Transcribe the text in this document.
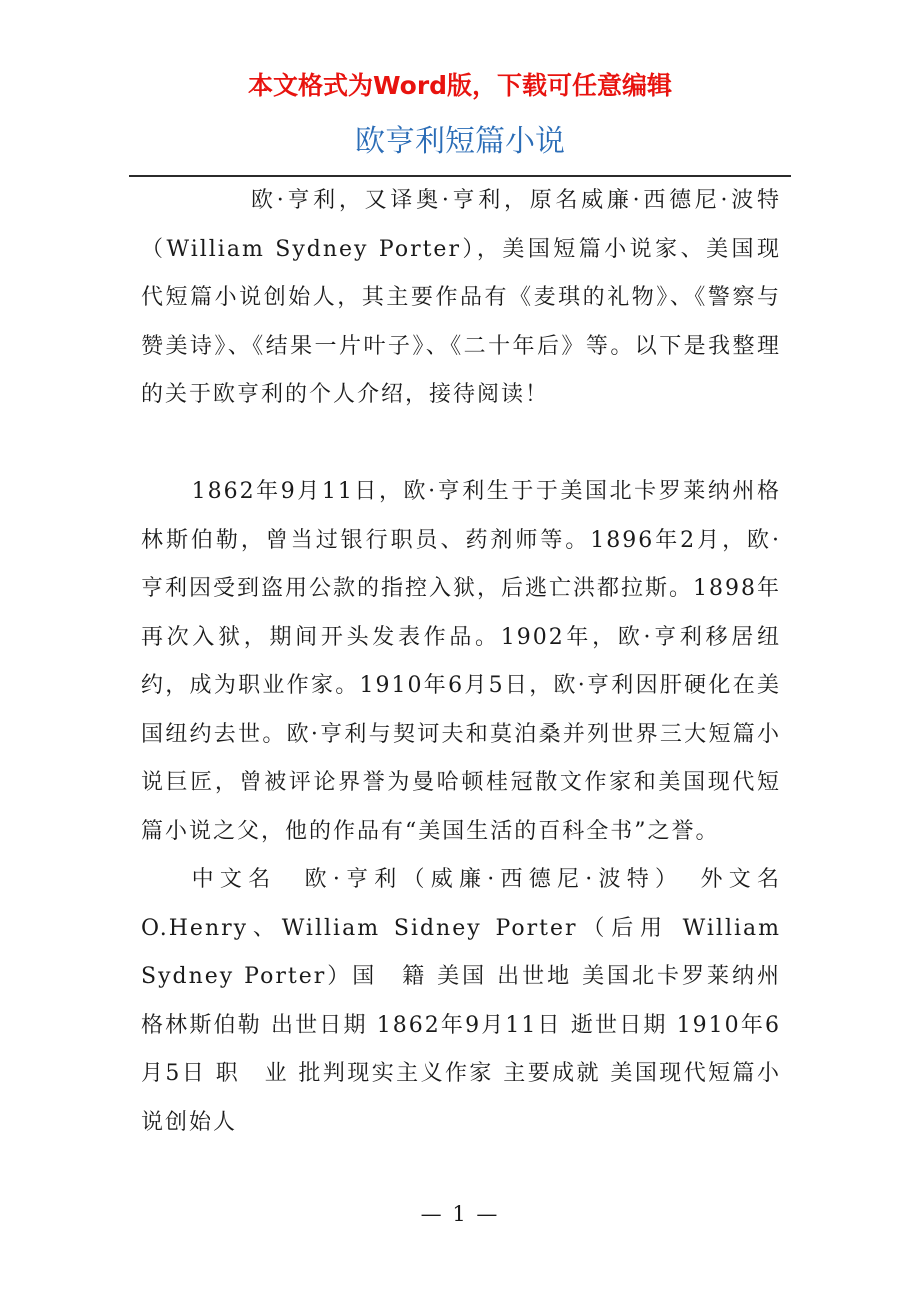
本文格式为Word版，下载可任意编辑
欧亨利短篇小说

欧·亨利，又译奥·亨利，原名威廉·西德尼·波特（William Sydney Porter），美国短篇小说家、美国现代短篇小说创始人，其主要作品有《麦琪的礼物》、《警察与赞美诗》、《结果一片叶子》、《二十年后》等。以下是我整理的关于欧亨利的个人介绍，接待阅读！

1862年9月11日，欧·亨利生于于美国北卡罗莱纳州格林斯伯勒，曾当过银行职员、药剂师等。1896年2月，欧·亨利因受到盗用公款的指控入狱，后逃亡洪都拉斯。1898年再次入狱，期间开头发表作品。1902年，欧·亨利移居纽约，成为职业作家。1910年6月5日，欧·亨利因肝硬化在美国纽约去世。欧·亨利与契诃夫和莫泊桑并列世界三大短篇小说巨匠，曾被评论界誉为曼哈顿桂冠散文作家和美国现代短篇小说之父，他的作品有“美国生活的百科全书”之誉。

中文名　欧·亨利（威廉·西德尼·波特）　外文名 O.Henry、William Sidney Porter（后用 William Sydney Porter）国　籍 美国 出世地 美国北卡罗莱纳州格林斯伯勒 出世日期 1862年9月11日 逝世日期 1910年6月5日 职　业 批判现实主义作家 主要成就 美国现代短篇小说创始人

— 1 —
